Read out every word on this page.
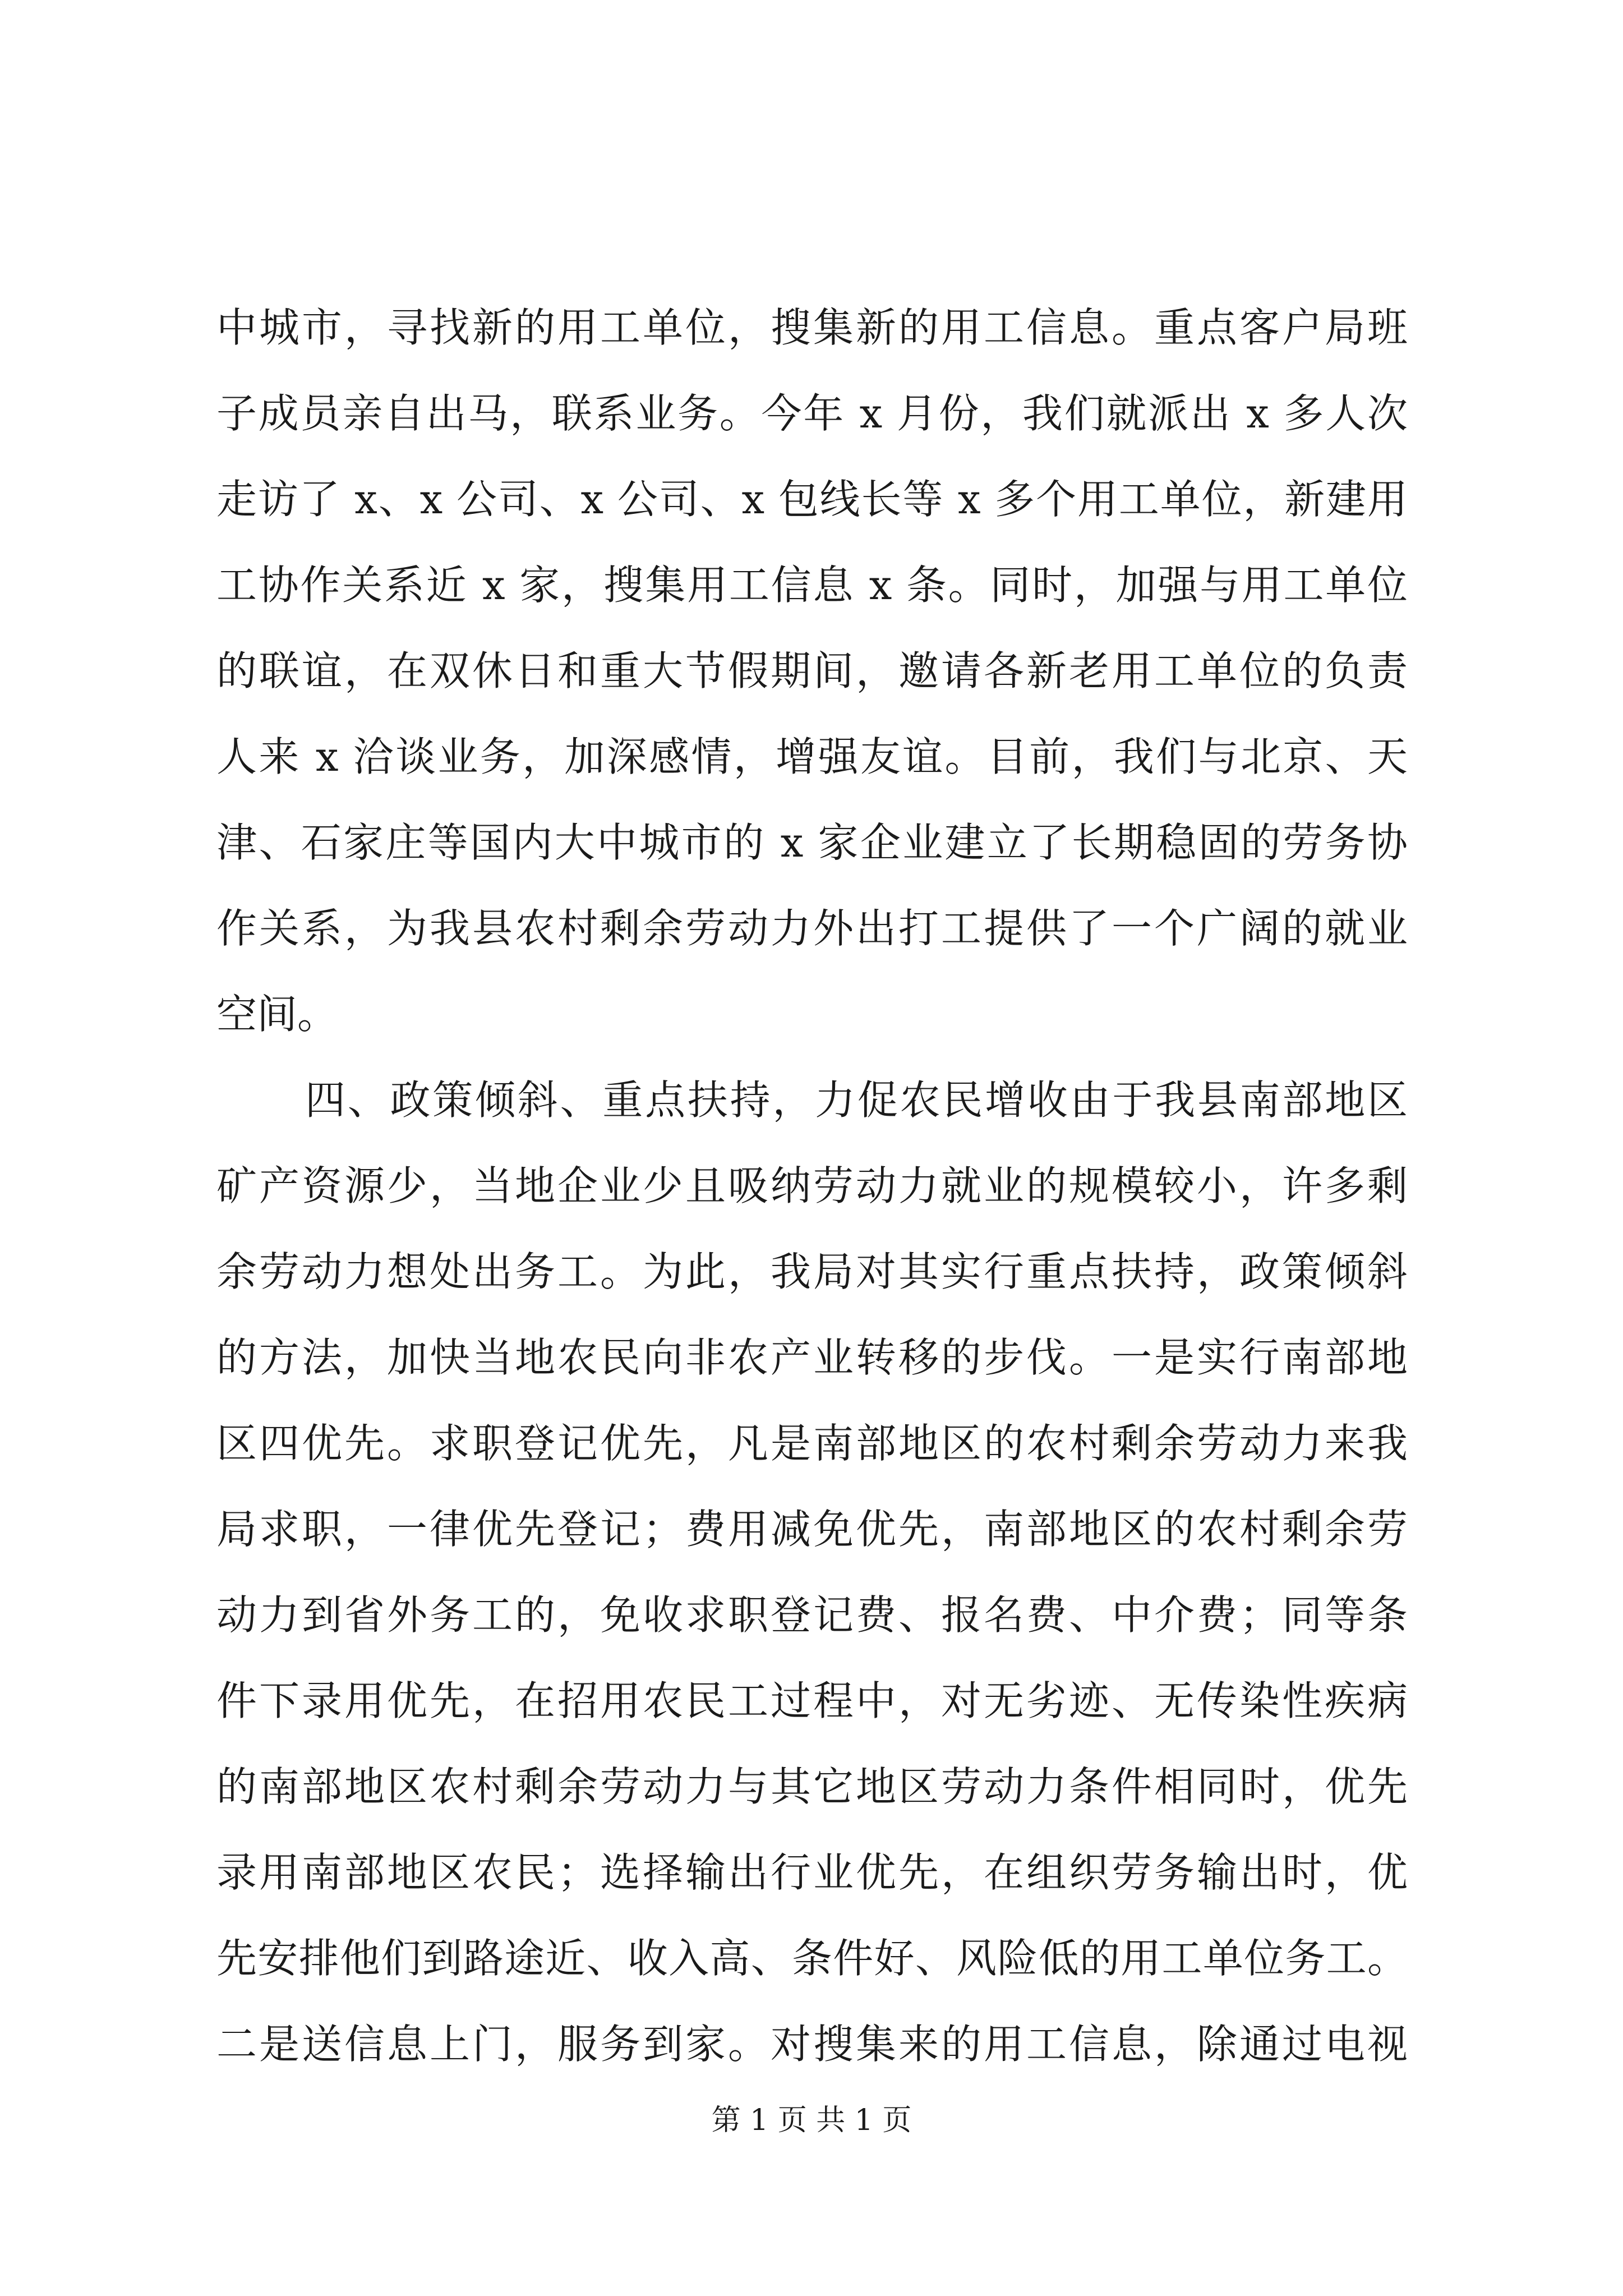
中城市，寻找新的用工单位，搜集新的用工信息。重点客户局班
子成员亲自出马，联系业务。今年 x 月份，我们就派出 x 多人次
走访了 x、x 公司、x 公司、x 包线长等 x 多个用工单位，新建用
工协作关系近 x 家，搜集用工信息 x 条。同时，加强与用工单位
的联谊，在双休日和重大节假期间，邀请各新老用工单位的负责
人来 x 洽谈业务，加深感情，增强友谊。目前，我们与北京、天
津、石家庄等国内大中城市的 x 家企业建立了长期稳固的劳务协
作关系，为我县农村剩余劳动力外出打工提供了一个广阔的就业
空间。
四、政策倾斜、重点扶持，力促农民增收由于我县南部地区
矿产资源少，当地企业少且吸纳劳动力就业的规模较小，许多剩
余劳动力想处出务工。为此，我局对其实行重点扶持，政策倾斜
的方法，加快当地农民向非农产业转移的步伐。一是实行南部地
区四优先。求职登记优先，凡是南部地区的农村剩余劳动力来我
局求职，一律优先登记；费用减免优先，南部地区的农村剩余劳
动力到省外务工的，免收求职登记费、报名费、中介费；同等条
件下录用优先，在招用农民工过程中，对无劣迹、无传染性疾病
的南部地区农村剩余劳动力与其它地区劳动力条件相同时，优先
录用南部地区农民；选择输出行业优先，在组织劳务输出时，优
先安排他们到路途近、收入高、条件好、风险低的用工单位务工。
二是送信息上门，服务到家。对搜集来的用工信息，除通过电视
第 1 页 共 1 页
